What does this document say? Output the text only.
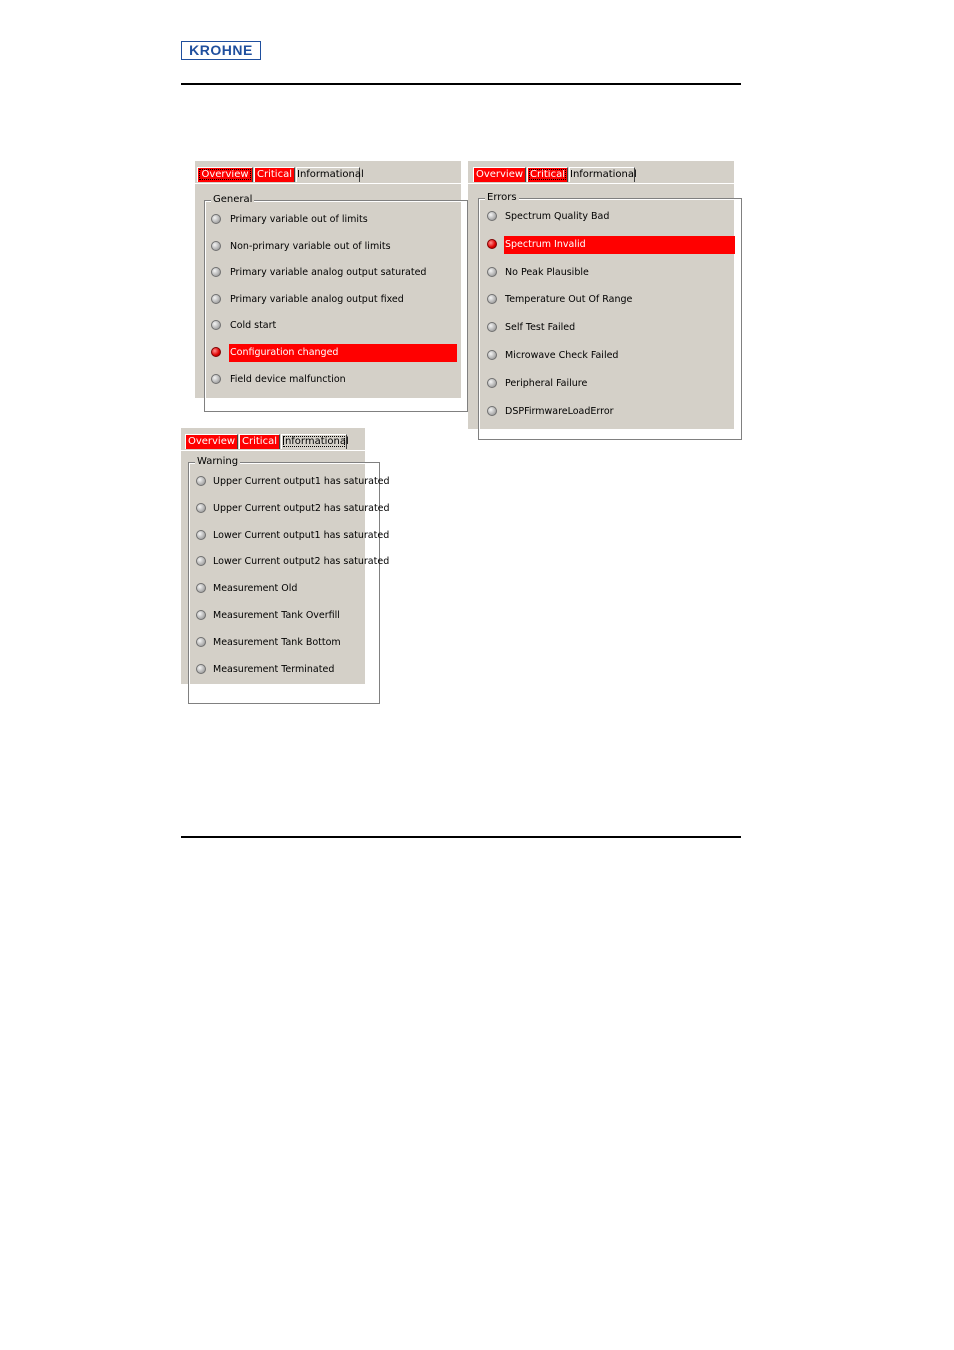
KROHNE
Overview Critical Informational
General
Primary variable out of limits
Non-primary variable out of limits
Primary variable analog output saturated
Primary variable analog output fixed
Cold start
Configuration changed
Field device malfunction
Overview Critical Informational
Errors
Spectrum Quality Bad
Spectrum Invalid
No Peak Plausible
Temperature Out Of Range
Self Test Failed
Microwave Check Failed
Peripheral Failure
DSPFirmwareLoadError
Overview Critical Informational
Warning
Upper Current output1 has saturated
Upper Current output2 has saturated
Lower Current output1 has saturated
Lower Current output2 has saturated
Measurement Old
Measurement Tank Overfill
Measurement Tank Bottom
Measurement Terminated
